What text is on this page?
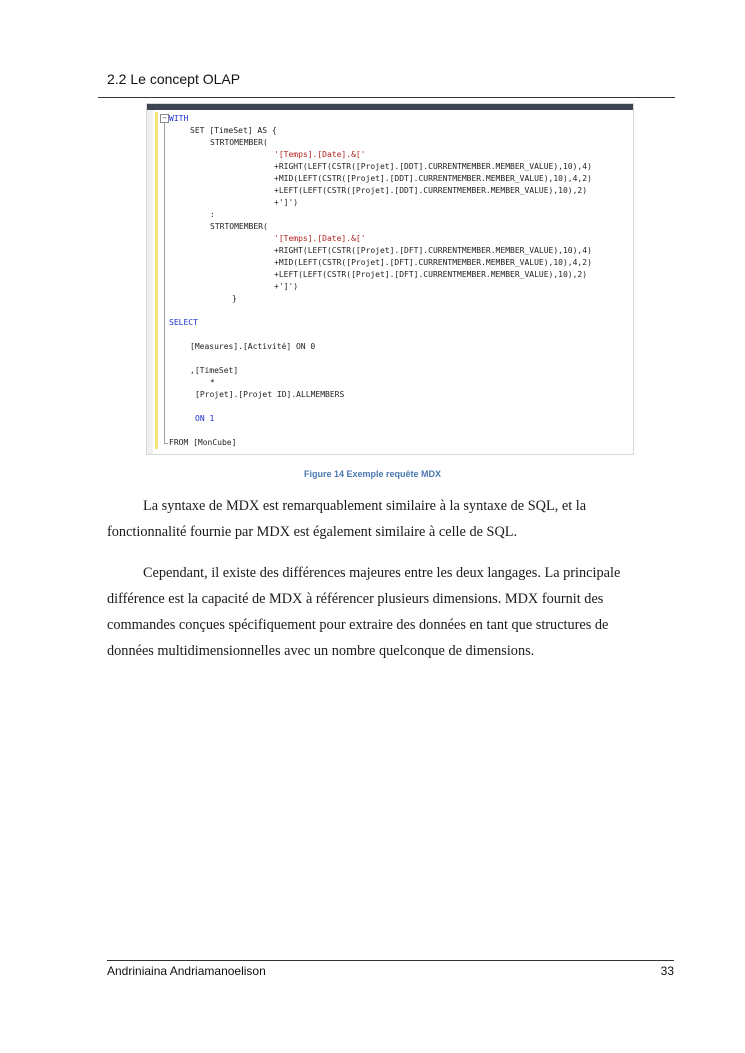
2.2 Le concept OLAP
− WITH
SET [TimeSet] AS {
STRTOMEMBER(
'[Temps].[Date].&['
+RIGHT(LEFT(CSTR([Projet].[DDT].CURRENTMEMBER.MEMBER_VALUE),10),4)
+MID(LEFT(CSTR([Projet].[DDT].CURRENTMEMBER.MEMBER_VALUE),10),4,2)
+LEFT(LEFT(CSTR([Projet].[DDT].CURRENTMEMBER.MEMBER_VALUE),10),2)
+']')
:
STRTOMEMBER(
'[Temps].[Date].&['
+RIGHT(LEFT(CSTR([Projet].[DFT].CURRENTMEMBER.MEMBER_VALUE),10),4)
+MID(LEFT(CSTR([Projet].[DFT].CURRENTMEMBER.MEMBER_VALUE),10),4,2)
+LEFT(LEFT(CSTR([Projet].[DFT].CURRENTMEMBER.MEMBER_VALUE),10),2)
+']')
}
SELECT
[Measures].[Activité] ON 0
,[TimeSet]
*
[Projet].[Projet ID].ALLMEMBERS
ON 1
FROM [MonCube]
Figure 14 Exemple requête MDX
La syntaxe de MDX est remarquablement similaire à la syntaxe de SQL, et la
fonctionnalité fournie par MDX est également similaire à celle de SQL.
Cependant, il existe des différences majeures entre les deux langages. La principale
différence est la capacité de MDX à référencer plusieurs dimensions. MDX fournit des
commandes conçues spécifiquement pour extraire des données en tant que structures de
données multidimensionnelles avec un nombre quelconque de dimensions.
Andriniaina Andriamanoelison	33
